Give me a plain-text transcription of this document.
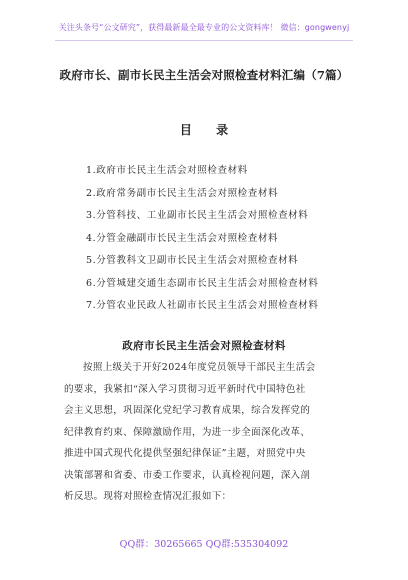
关注头条号“公文研究”，获得最新最全最专业的公文资料库！ 微信：gongwenyj
政府市长、副市长民主生活会对照检查材料汇编（7篇）
目 录
1.政府市长民主生活会对照检查材料
2.政府常务副市长民主生活会对照检查材料
3.分管科技、工业副市长民主生活会对照检查材料
4.分管金融副市长民主生活会对照检查材料
5.分管教科文卫副市长民主生活会对照检查材料
6.分管城建交通生态副市长民主生活会对照检查材料
7.分管农业民政人社副市长民主生活会对照检查材料
政府市长民主生活会对照检查材料
按照上级关于开好2024年度党员领导干部民主生活会
的要求，我紧扣“深入学习贯彻习近平新时代中国特色社
会主义思想，巩固深化党纪学习教育成果，综合发挥党的
纪律教育约束、保障激励作用，为进一步全面深化改革、
推进中国式现代化提供坚强纪律保证”主题，对照党中央
决策部署和省委、市委工作要求，认真检视问题，深入剖
析反思。现将对照检查情况汇报如下：
QQ群：30265665 QQ群:535304092
